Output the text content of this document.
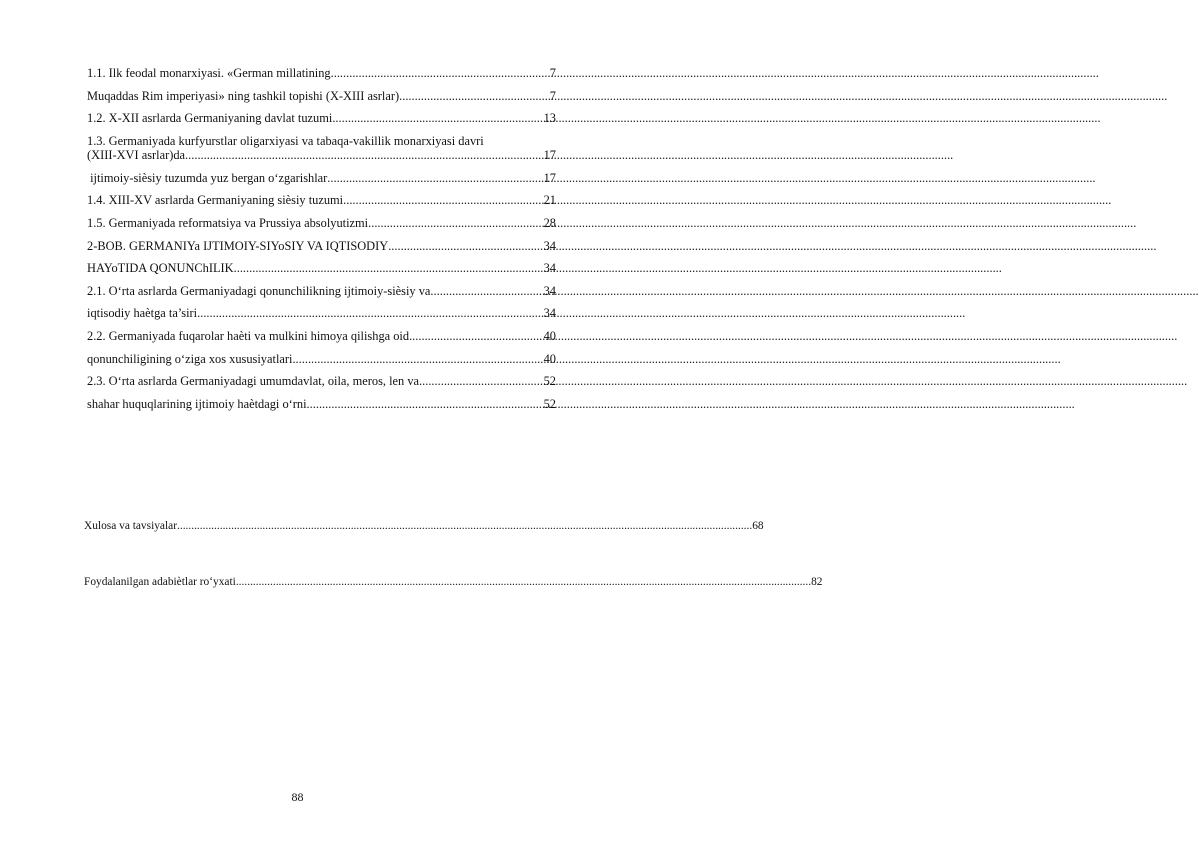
1.1. Ilk feodal monarxiyasi. «German millatining .....	7
Muqaddas Rim imperiyasi» ning tashkil topishi (X-XIII asrlar) .....	7
1.2. X-XII asrlarda Germaniyaning davlat tuzumi .....	13
1.3. Germaniyada kurfyurstlar oligarxiyasi va tabaqa-vakillik monarxiyasi davri
(XIII-XVI asrlar)da .....	17
ijtimoiy-siѐsiy tuzumda yuz bergan o‘zgarishlar .....	17
1.4. XIII-XV asrlarda Germaniyaning siѐsiy tuzumi .....	21
1.5. Germaniyada reformatsiya va Prussiya absolyutizmi .....	28
2-BOB. GERMANIYa IJTIMOIY-SIYoSIY VA IQTISODIY .....	34
HAYoTIDA QONUNChILIK .....	34
2.1. O‘rta asrlarda Germaniyadagi qonunchilikning ijtimoiy-siѐsiy va .....	34
iqtisodiy haѐtga ta’siri .....	34
2.2. Germaniyada fuqarolar haѐti va mulkini himoya qilishga oid .....	40
qonunchiligining o‘ziga xos xususiyatlari .....	40
2.3. O‘rta asrlarda Germaniyadagi umumdavlat, oila, meros, len va .....	52
shahar huquqlarining ijtimoiy haѐtdagi o‘rni .....	52
Xulosa va tavsiyalar .....	68
Foydalanilgan adabiѐtlar ro‘yxati .....	82
88
